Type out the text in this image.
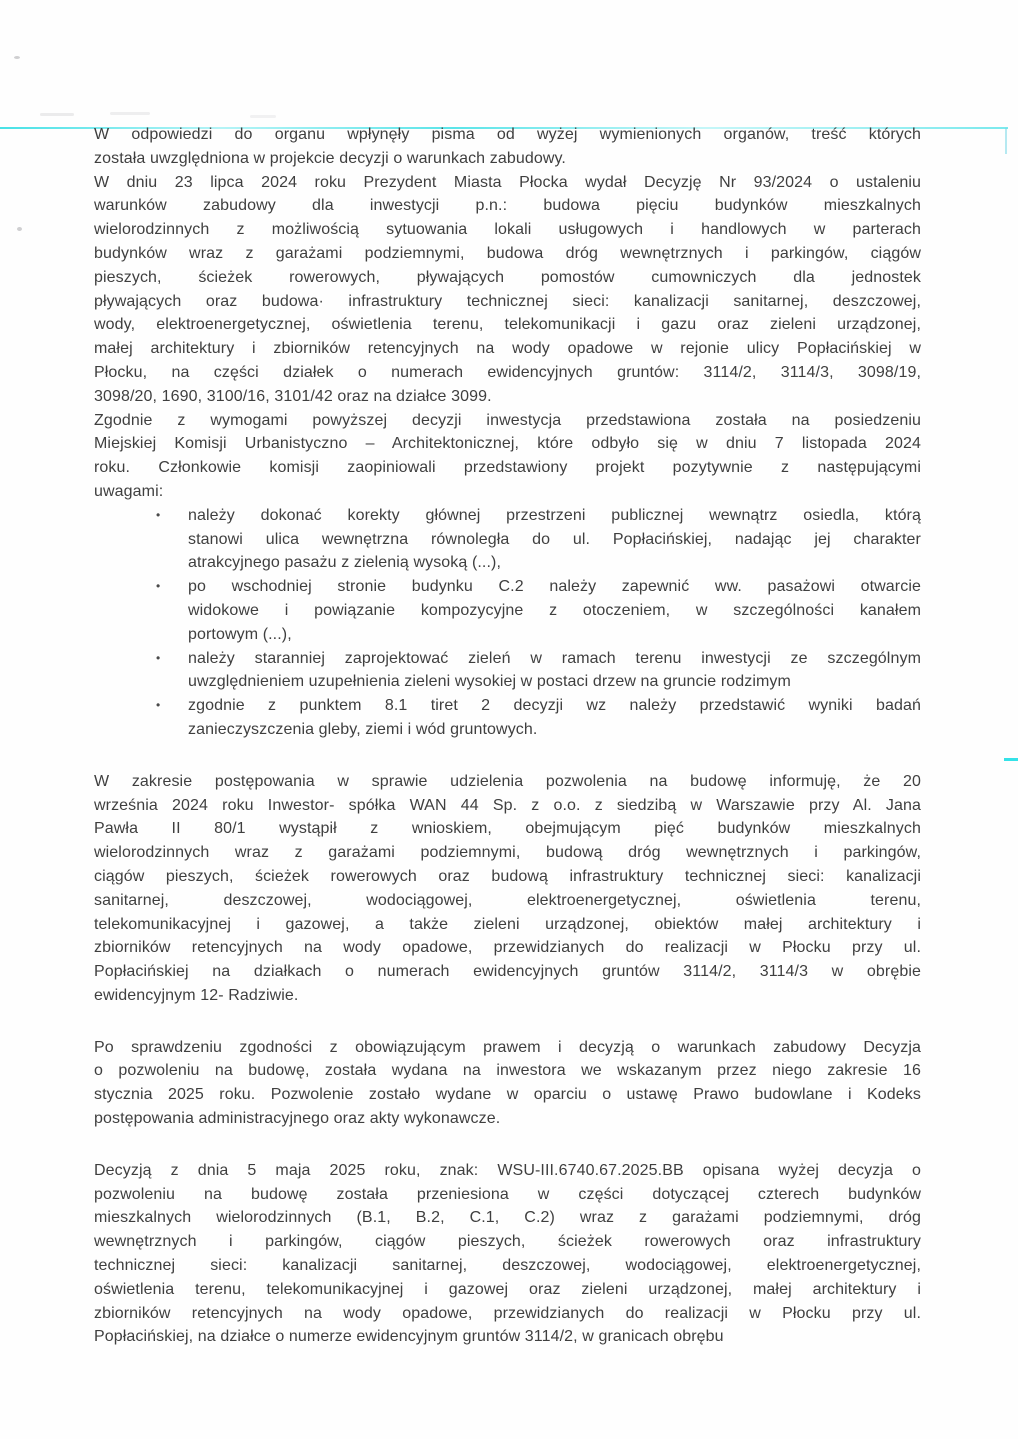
W odpowiedzi do organu wpłynęły pisma od wyżej wymienionych organów, treść których
została uwzględniona w projekcie decyzji o warunkach zabudowy.
W dniu 23 lipca 2024 roku Prezydent Miasta Płocka wydał Decyzję Nr 93/2024 o ustaleniu
warunków zabudowy dla inwestycji p.n.: budowa pięciu budynków mieszkalnych
wielorodzinnych z możliwością sytuowania lokali usługowych i handlowych w parterach
budynków wraz z garażami podziemnymi, budowa dróg wewnętrznych i parkingów, ciągów
pieszych, ścieżek rowerowych, pływających pomostów cumowniczych dla jednostek
pływających oraz budowa· infrastruktury technicznej sieci: kanalizacji sanitarnej, deszczowej,
wody, elektroenergetycznej, oświetlenia terenu, telekomunikacji i gazu oraz zieleni urządzonej,
małej architektury i zbiorników retencyjnych na wody opadowe w rejonie ulicy Popłacińskiej w
Płocku, na części działek o numerach ewidencyjnych gruntów: 3114/2, 3114/3, 3098/19,
3098/20, 1690, 3100/16, 3101/42 oraz na działce 3099.
Zgodnie z wymogami powyższej decyzji inwestycja przedstawiona została na posiedzeniu
Miejskiej Komisji Urbanistyczno – Architektonicznej, które odbyło się w dniu 7 listopada 2024
roku. Członkowie komisji zaopiniowali przedstawiony projekt pozytywnie z następującymi
uwagami:
•	należy dokonać korekty głównej przestrzeni publicznej wewnątrz osiedla, którą
stanowi ulica wewnętrzna równoległa do ul. Popłacińskiej, nadając jej charakter
atrakcyjnego pasażu z zielenią wysoką (...),
•	po wschodniej stronie budynku C.2 należy zapewnić ww. pasażowi otwarcie
widokowe i powiązanie kompozycyjne z otoczeniem, w szczególności kanałem
portowym (...),
•	należy staranniej zaprojektować zieleń w ramach terenu inwestycji ze szczególnym
uwzględnieniem uzupełnienia zieleni wysokiej w postaci drzew na gruncie rodzimym
•	zgodnie z punktem 8.1 tiret 2 decyzji wz należy przedstawić wyniki badań
zanieczyszczenia gleby, ziemi i wód gruntowych.
W zakresie postępowania w sprawie udzielenia pozwolenia na budowę informuję, że 20
września 2024 roku Inwestor- spółka WAN 44 Sp. z o.o. z siedzibą w Warszawie przy Al. Jana
Pawła II 80/1 wystąpił z wnioskiem, obejmującym pięć budynków mieszkalnych
wielorodzinnych wraz z garażami podziemnymi, budową dróg wewnętrznych i parkingów,
ciągów pieszych, ścieżek rowerowych oraz budową infrastruktury technicznej sieci: kanalizacji
sanitarnej, deszczowej, wodociągowej, elektroenergetycznej, oświetlenia terenu,
telekomunikacyjnej i gazowej, a także zieleni urządzonej, obiektów małej architektury i
zbiorników retencyjnych na wody opadowe, przewidzianych do realizacji w Płocku przy ul.
Popłacińskiej na działkach o numerach ewidencyjnych gruntów 3114/2, 3114/3 w obrębie
ewidencyjnym 12- Radziwie.
Po sprawdzeniu zgodności z obowiązującym prawem i decyzją o warunkach zabudowy Decyzja
o pozwoleniu na budowę, została wydana na inwestora we wskazanym przez niego zakresie 16
stycznia 2025 roku. Pozwolenie zostało wydane w oparciu o ustawę Prawo budowlane i Kodeks
postępowania administracyjnego oraz akty wykonawcze.
Decyzją z dnia 5 maja 2025 roku, znak: WSU-III.6740.67.2025.BB opisana wyżej decyzja o
pozwoleniu na budowę została przeniesiona w części dotyczącej czterech budynków
mieszkalnych wielorodzinnych (B.1, B.2, C.1, C.2) wraz z garażami podziemnymi, dróg
wewnętrznych i parkingów, ciągów pieszych, ścieżek rowerowych oraz infrastruktury
technicznej sieci: kanalizacji sanitarnej, deszczowej, wodociągowej, elektroenergetycznej,
oświetlenia terenu, telekomunikacyjnej i gazowej oraz zieleni urządzonej, małej architektury i
zbiorników retencyjnych na wody opadowe, przewidzianych do realizacji w Płocku przy ul.
Popłacińskiej, na działce o numerze ewidencyjnym gruntów 3114/2, w granicach obrębu
